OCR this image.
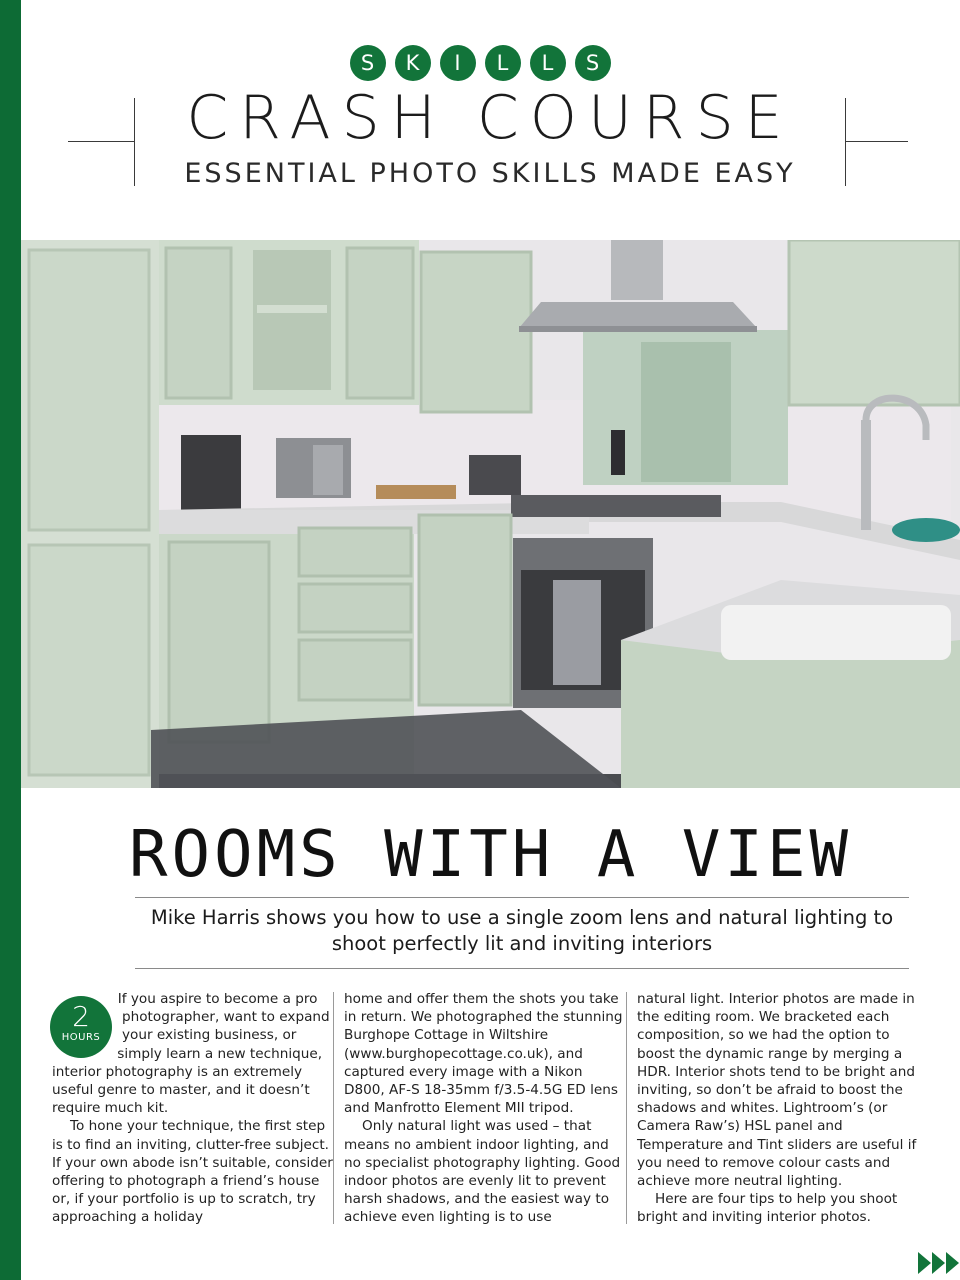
S	K	I	L	L	S
CRASH COURSE
ESSENTIAL PHOTO SKILLS MADE EASY
ROOMS WITH A VIEW
Mike Harris shows you how to use a single zoom lens and natural lighting to shoot perfectly lit and inviting interiors
2
HOURS

If you aspire to become a pro photographer, want to expand your existing business, or simply learn a new technique, interior photography is an extremely useful genre to master, and it doesn’t require much kit.

To hone your technique, the first step is to find an inviting, clutter-free subject. If your own abode isn’t suitable, consider offering to photograph a friend’s house or, if your portfolio is up to scratch, try approaching a holiday

home and offer them the shots you take in return. We photographed the stunning Burghope Cottage in Wiltshire (www.burghopecottage.co.uk), and captured every image with a Nikon D800, AF-S 18-35mm f/3.5-4.5G ED lens and Manfrotto Element MII tripod.

Only natural light was used – that means no ambient indoor lighting, and no specialist photography lighting. Good indoor photos are evenly lit to prevent harsh shadows, and the easiest way to achieve even lighting is to use

natural light. Interior photos are made in the editing room. We bracketed each composition, so we had the option to boost the dynamic range by merging a HDR. Interior shots tend to be bright and inviting, so don’t be afraid to boost the shadows and whites. Lightroom’s (or Camera Raw’s) HSL panel and Temperature and Tint sliders are useful if you need to remove colour casts and achieve more neutral lighting.

Here are four tips to help you shoot bright and inviting interior photos.
